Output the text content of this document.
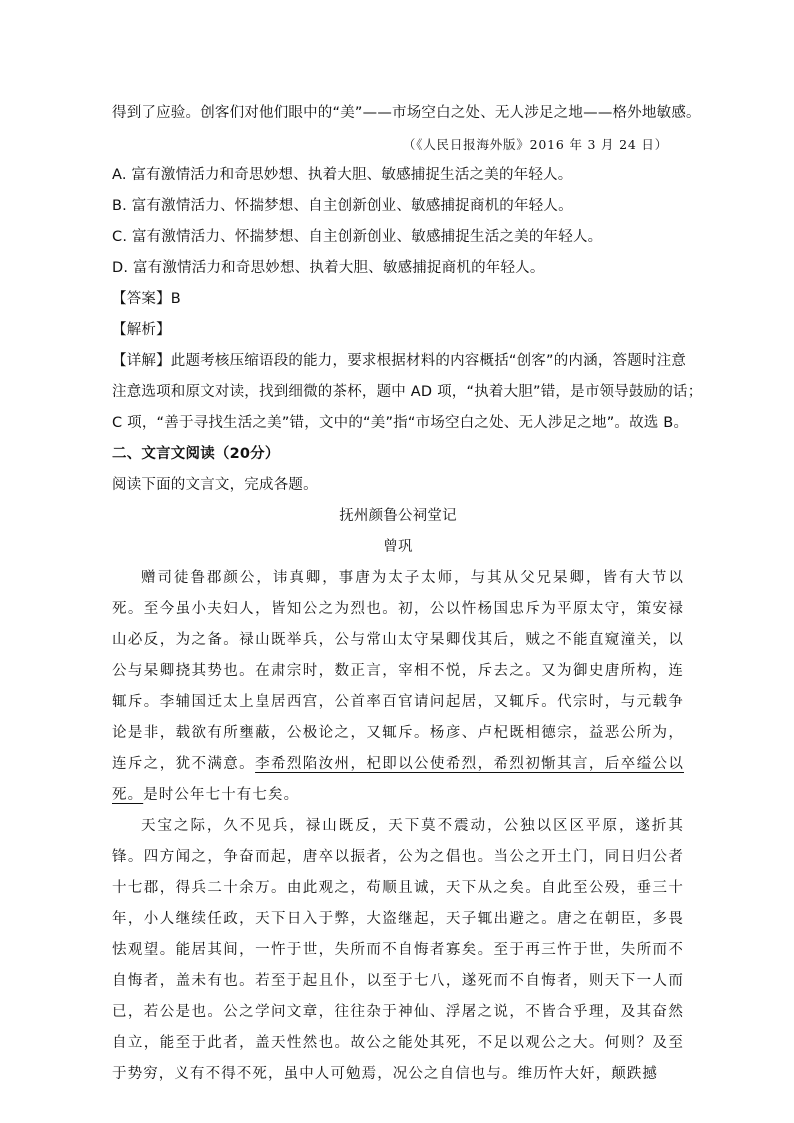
得到了应验。创客们对他们眼中的“美”——市场空白之处、无人涉足之地——格外地敏感。
（《人民日报海外版》2016 年 3 月 24 日）
A. 富有激情活力和奇思妙想、执着大胆、敏感捕捉生活之美的年轻人。
B. 富有激情活力、怀揣梦想、自主创新创业、敏感捕捉商机的年轻人。
C. 富有激情活力、怀揣梦想、自主创新创业、敏感捕捉生活之美的年轻人。
D. 富有激情活力和奇思妙想、执着大胆、敏感捕捉商机的年轻人。
【答案】B
【解析】
【详解】此题考核压缩语段的能力，要求根据材料的内容概括“创客”的内涵，答题时注意
注意选项和原文对读，找到细微的茶杯，题中 AD 项，“执着大胆”错，是市领导鼓励的话；
C 项，“善于寻找生活之美”错，文中的“美”指“市场空白之处、无人涉足之地”。故选 B。
二、文言文阅读（20分）
阅读下面的文言文，完成各题。
抚州颜鲁公祠堂记
曾巩

赠司徒鲁郡颜公，讳真卿，事唐为太子太师，与其从父兄杲卿，皆有大节以死。至今虽小夫妇人，皆知公之为烈也。初，公以忤杨国忠斥为平原太守，策安禄山必反，为之备。禄山既举兵，公与常山太守杲卿伐其后，贼之不能直窥潼关，以公与杲卿挠其势也。在肃宗时，数正言，宰相不悦，斥去之。又为御史唐所构，连辄斥。李辅国迁太上皇居西宫，公首率百官请问起居，又辄斥。代宗时，与元载争论是非，载欲有所壅蔽，公极论之，又辄斥。杨彦、卢杞既相德宗，益恶公所为，连斥之，犹不满意。李希烈陷汝州，杞即以公使希烈，希烈初惭其言，后卒缢公以死。是时公年七十有七矣。

天宝之际，久不见兵，禄山既反，天下莫不震动，公独以区区平原，遂折其锋。四方闻之，争奋而起，唐卒以振者，公为之倡也。当公之开土门，同日归公者十七郡，得兵二十余万。由此观之，苟顺且诚，天下从之矣。自此至公殁，垂三十年，小人继续任政，天下日入于弊，大盗继起，天子辄出避之。唐之在朝臣，多畏怯观望。能居其间，一忤于世，失所而不自悔者寡矣。至于再三忤于世，失所而不自悔者，盖未有也。若至于起且仆，以至于七八，遂死而不自悔者，则天下一人而已，若公是也。公之学问文章，往往杂于神仙、浮屠之说，不皆合乎理，及其奋然自立，能至于此者，盖天性然也。故公之能处其死，不足以观公之大。何则？及至于势穷，义有不得不死，虽中人可勉焉，况公之自信也与。维历忤大奸，颠跌撼
